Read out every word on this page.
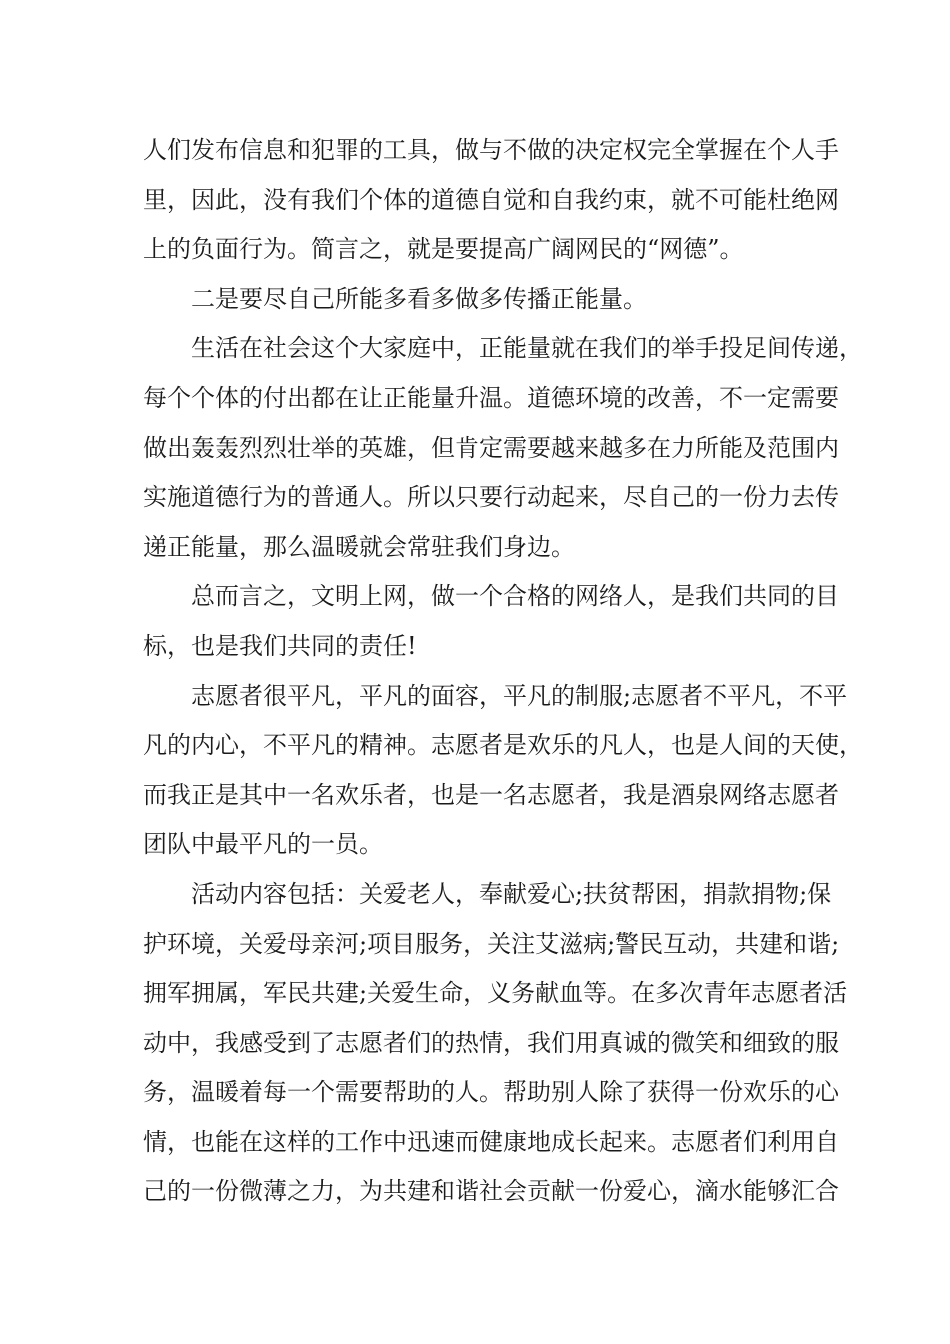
人们发布信息和犯罪的工具，做与不做的决定权完全掌握在个人手
里，因此，没有我们个体的道德自觉和自我约束，就不可能杜绝网
上的负面行为。简言之，就是要提高广阔网民的“网德”。

二是要尽自己所能多看多做多传播正能量。

生活在社会这个大家庭中，正能量就在我们的举手投足间传递，
每个个体的付出都在让正能量升温。道德环境的改善，不一定需要
做出轰轰烈烈壮举的英雄，但肯定需要越来越多在力所能及范围内
实施道德行为的普通人。所以只要行动起来，尽自己的一份力去传
递正能量，那么温暖就会常驻我们身边。

总而言之，文明上网，做一个合格的网络人，是我们共同的目
标，也是我们共同的责任!

志愿者很平凡，平凡的面容，平凡的制服;志愿者不平凡，不平
凡的内心，不平凡的精神。志愿者是欢乐的凡人，也是人间的天使，
而我正是其中一名欢乐者，也是一名志愿者，我是酒泉网络志愿者
团队中最平凡的一员。

活动内容包括：关爱老人，奉献爱心;扶贫帮困，捐款捐物;保
护环境，关爱母亲河;项目服务，关注艾滋病;警民互动，共建和谐;
拥军拥属，军民共建;关爱生命，义务献血等。在多次青年志愿者活
动中，我感受到了志愿者们的热情，我们用真诚的微笑和细致的服
务，温暖着每一个需要帮助的人。帮助别人除了获得一份欢乐的心
情，也能在这样的工作中迅速而健康地成长起来。志愿者们利用自
己的一份微薄之力，为共建和谐社会贡献一份爱心，滴水能够汇合
